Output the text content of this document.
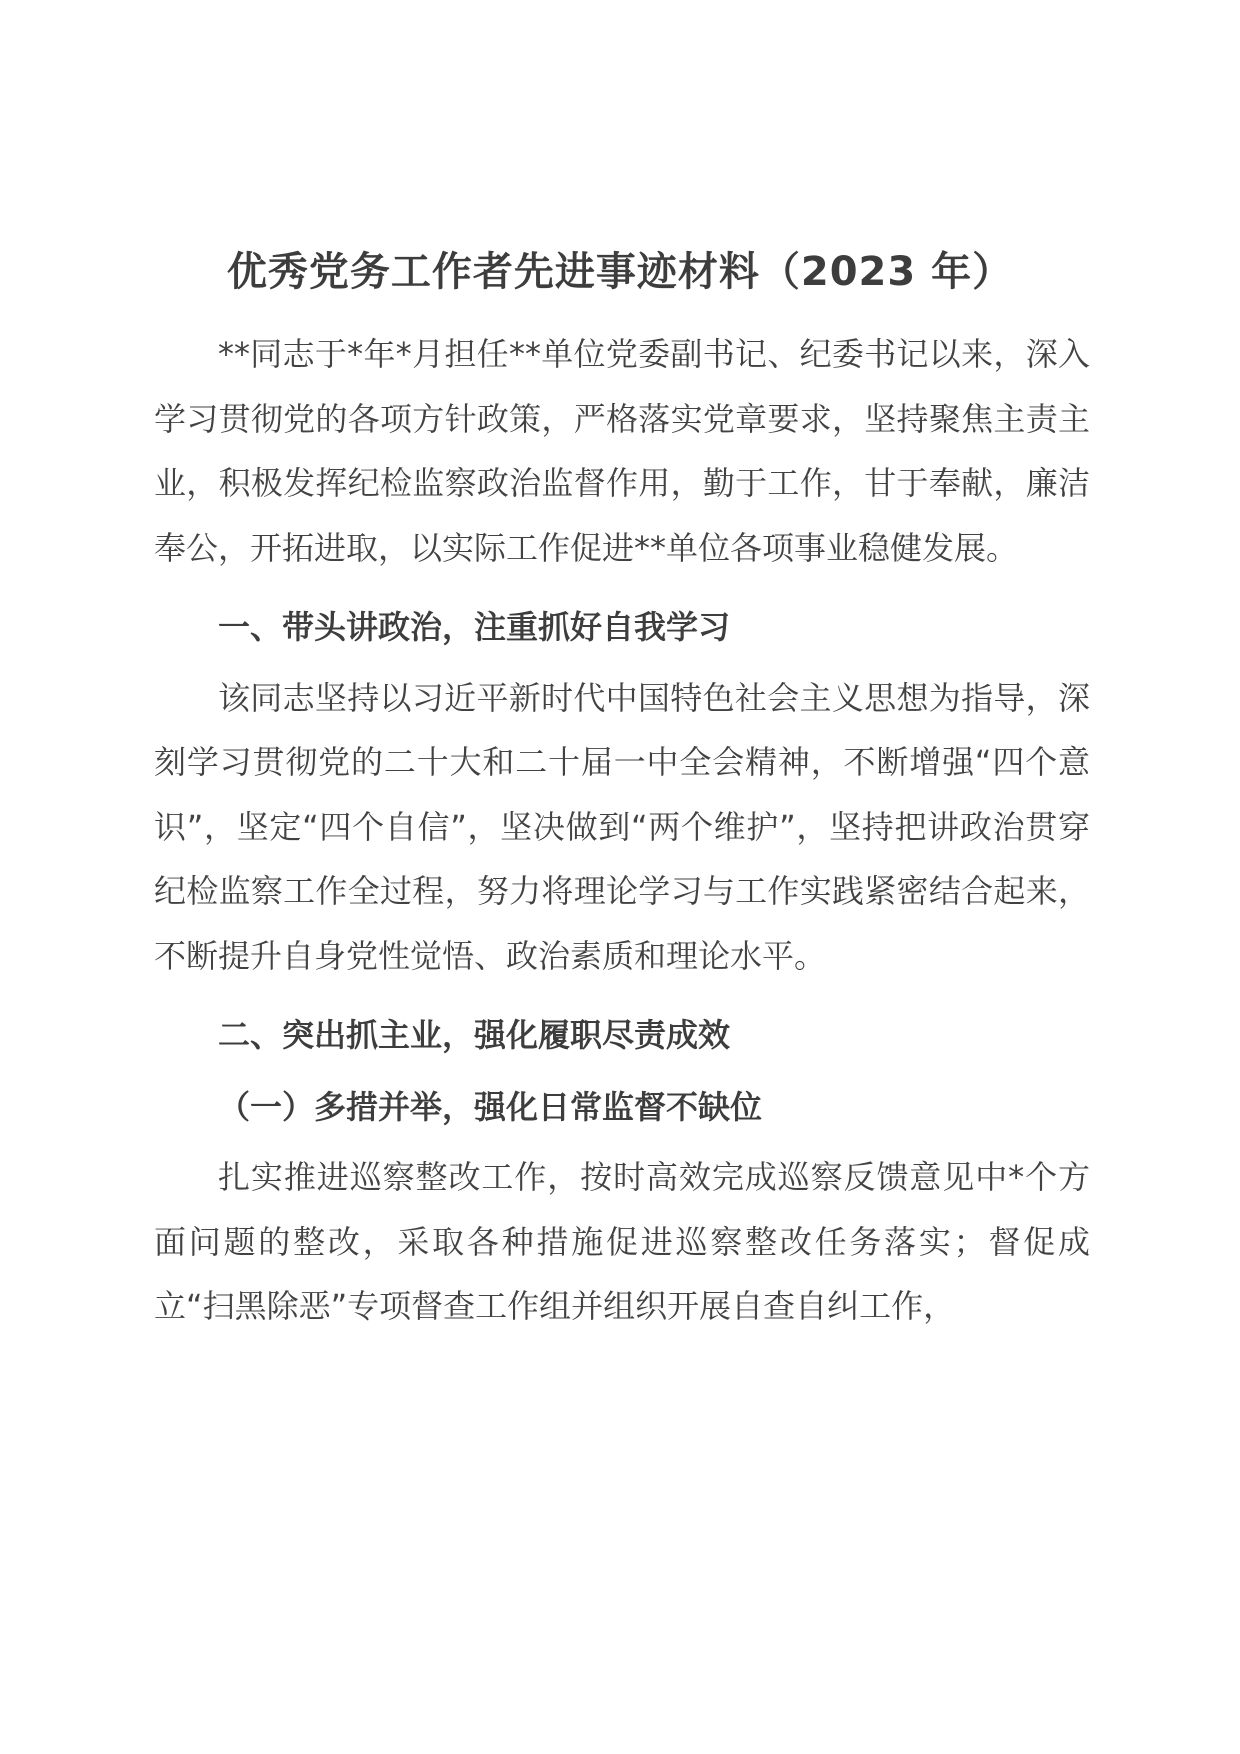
优秀党务工作者先进事迹材料（2023 年）

**同志于*年*月担任**单位党委副书记、纪委书记以来，深入学习贯彻党的各项方针政策，严格落实党章要求，坚持聚焦主责主业，积极发挥纪检监察政治监督作用，勤于工作，甘于奉献，廉洁奉公，开拓进取，以实际工作促进**单位各项事业稳健发展。

一、带头讲政治，注重抓好自我学习

该同志坚持以习近平新时代中国特色社会主义思想为指导，深刻学习贯彻党的二十大和二十届一中全会精神，不断增强“四个意识”，坚定“四个自信”，坚决做到“两个维护”，坚持把讲政治贯穿纪检监察工作全过程，努力将理论学习与工作实践紧密结合起来，不断提升自身党性觉悟、政治素质和理论水平。

二、突出抓主业，强化履职尽责成效

（一）多措并举，强化日常监督不缺位

扎实推进巡察整改工作，按时高效完成巡察反馈意见中*个方面问题的整改，采取各种措施促进巡察整改任务落实；督促成立“扫黑除恶”专项督查工作组并组织开展自查自纠工作，
